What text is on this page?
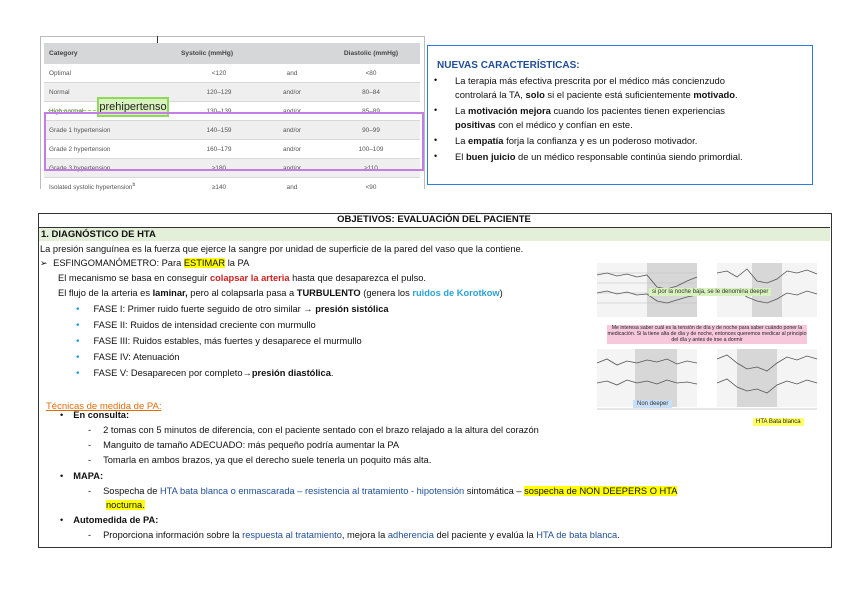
Category	Systolic (mmHg)		Diastolic (mmHg)
Optimal	<120	and	<80
Normal	120–129	and/or	80–84
High normal	130–139	and/or	85–89
Grade 1 hypertension	140–159	and/or	90–99
Grade 2 hypertension	160–179	and/or	100–109
Grade 3 hypertension	≥180	and/or	≥110
Isolated systolic hypertension$^b$	≥140	and	<90
prehipertenso
NUEVAS CARACTERÍSTICAS:
• La terapia más efectiva prescrita por el médico más concienzudo
controlará la TA, solo si el paciente está suficientemente motivado.
• La motivación mejora cuando los pacientes tienen experiencias
positivas con el médico y confían en este.
• La empatía forja la confianza y es un poderoso motivador.
• El buen juicio de un médico responsable continúa siendo primordial.
OBJETIVOS: EVALUACIÓN DEL PACIENTE
1. DIAGNÓSTICO DE HTA
La presión sanguínea es la fuerza que ejerce la sangre por unidad de superficie de la pared del vaso que la contiene.
➢ ESFINGOMANÓMETRO: Para ESTIMAR la PA
El mecanismo se basa en conseguir colapsar la arteria hasta que desaparezca el pulso.
El flujo de la arteria es laminar, pero al colapsarla pasa a TURBULENTO (genera los ruidos de Korotkow)
• FASE I: Primer ruido fuerte seguido de otro similar → presión sistólica
• FASE II: Ruidos de intensidad creciente con murmullo
• FASE III: Ruidos estables, más fuertes y desaparece el murmullo
• FASE IV: Atenuación
• FASE V: Desaparecen por completo→presión diastólica.
Técnicas de medida de PA:
• En consulta:
- 2 tomas con 5 minutos de diferencia, con el paciente sentado con el brazo relajado a la altura del corazón
- Manguito de tamaño ADECUADO: más pequeño podría aumentar la PA
- Tomarla en ambos brazos, ya que el derecho suele tenerla un poquito más alta.
• MAPA:
- Sospecha de HTA bata blanca o enmascarada – resistencia al tratamiento - hipotensión sintomática – sospecha de NON DEEPERS O HTA
nocturna.
• Automedida de PA:
- Proporciona información sobre la respuesta al tratamiento, mejora la adherencia del paciente y evalúa la HTA de bata blanca.
si por la noche baja, se le denomina deeper
Me interesa saber cuál es la tensión de día y de noche para saber cuándo poner la medicación. Si la tiene alta de día y de noche, entonces queremos medicar al principio del día y antes de irse a dormir
Non deeper
HTA Bata blanca
